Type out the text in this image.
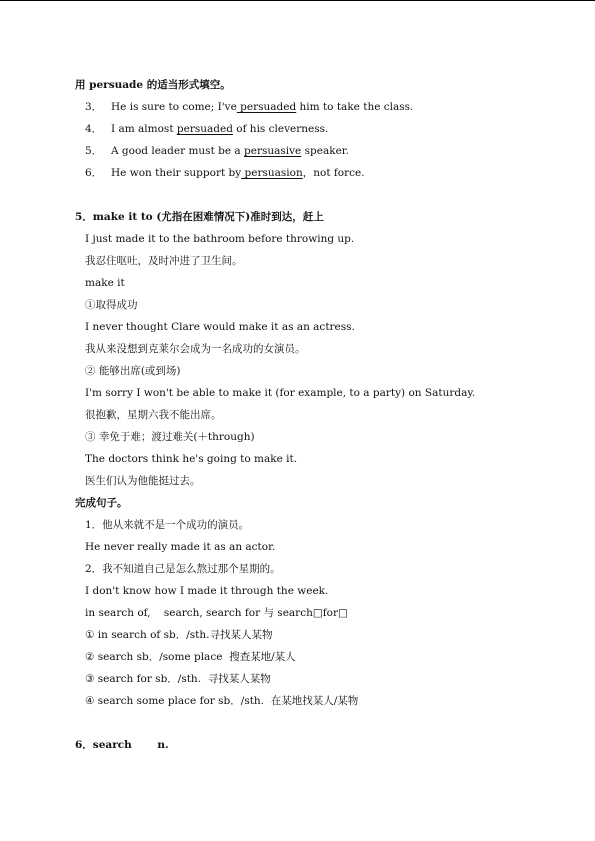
用 persuade 的适当形式填空。
3． He is sure to come; I've persuaded him to take the class.
4． I am almost persuaded of his cleverness.
5． A good leader must be a persuasive speaker.
6． He won their support by persuasion，not force.
5．make it to (尤指在困难情况下)准时到达，赶上
I just made it to the bathroom before throwing up.
我忍住呕吐，及时冲进了卫生间。
make it
①取得成功
I never thought Clare would make it as an actress.
我从来没想到克莱尔会成为一名成功的女演员。
② 能够出席(或到场)
I'm sorry I won't be able to make it (for example, to a party) on Saturday.
很抱歉，星期六我不能出席。
③ 幸免于难；渡过难关(＋through)
The doctors think he's going to make it.
医生们认为他能挺过去。
完成句子。
1．他从来就不是一个成功的演员。
He never really made it as an actor.
2．我不知道自己是怎么熬过那个星期的。
I don't know how I made it through the week.
in search of,    search, search for 与 search□for□
① in search of sb．/sth.寻找某人某物
② search sb．/some place  搜查某地/某人
③ search for sb．/sth.  寻找某人某物
④ search some place for sb．/sth.  在某地找某人/某物
6．search       n.
